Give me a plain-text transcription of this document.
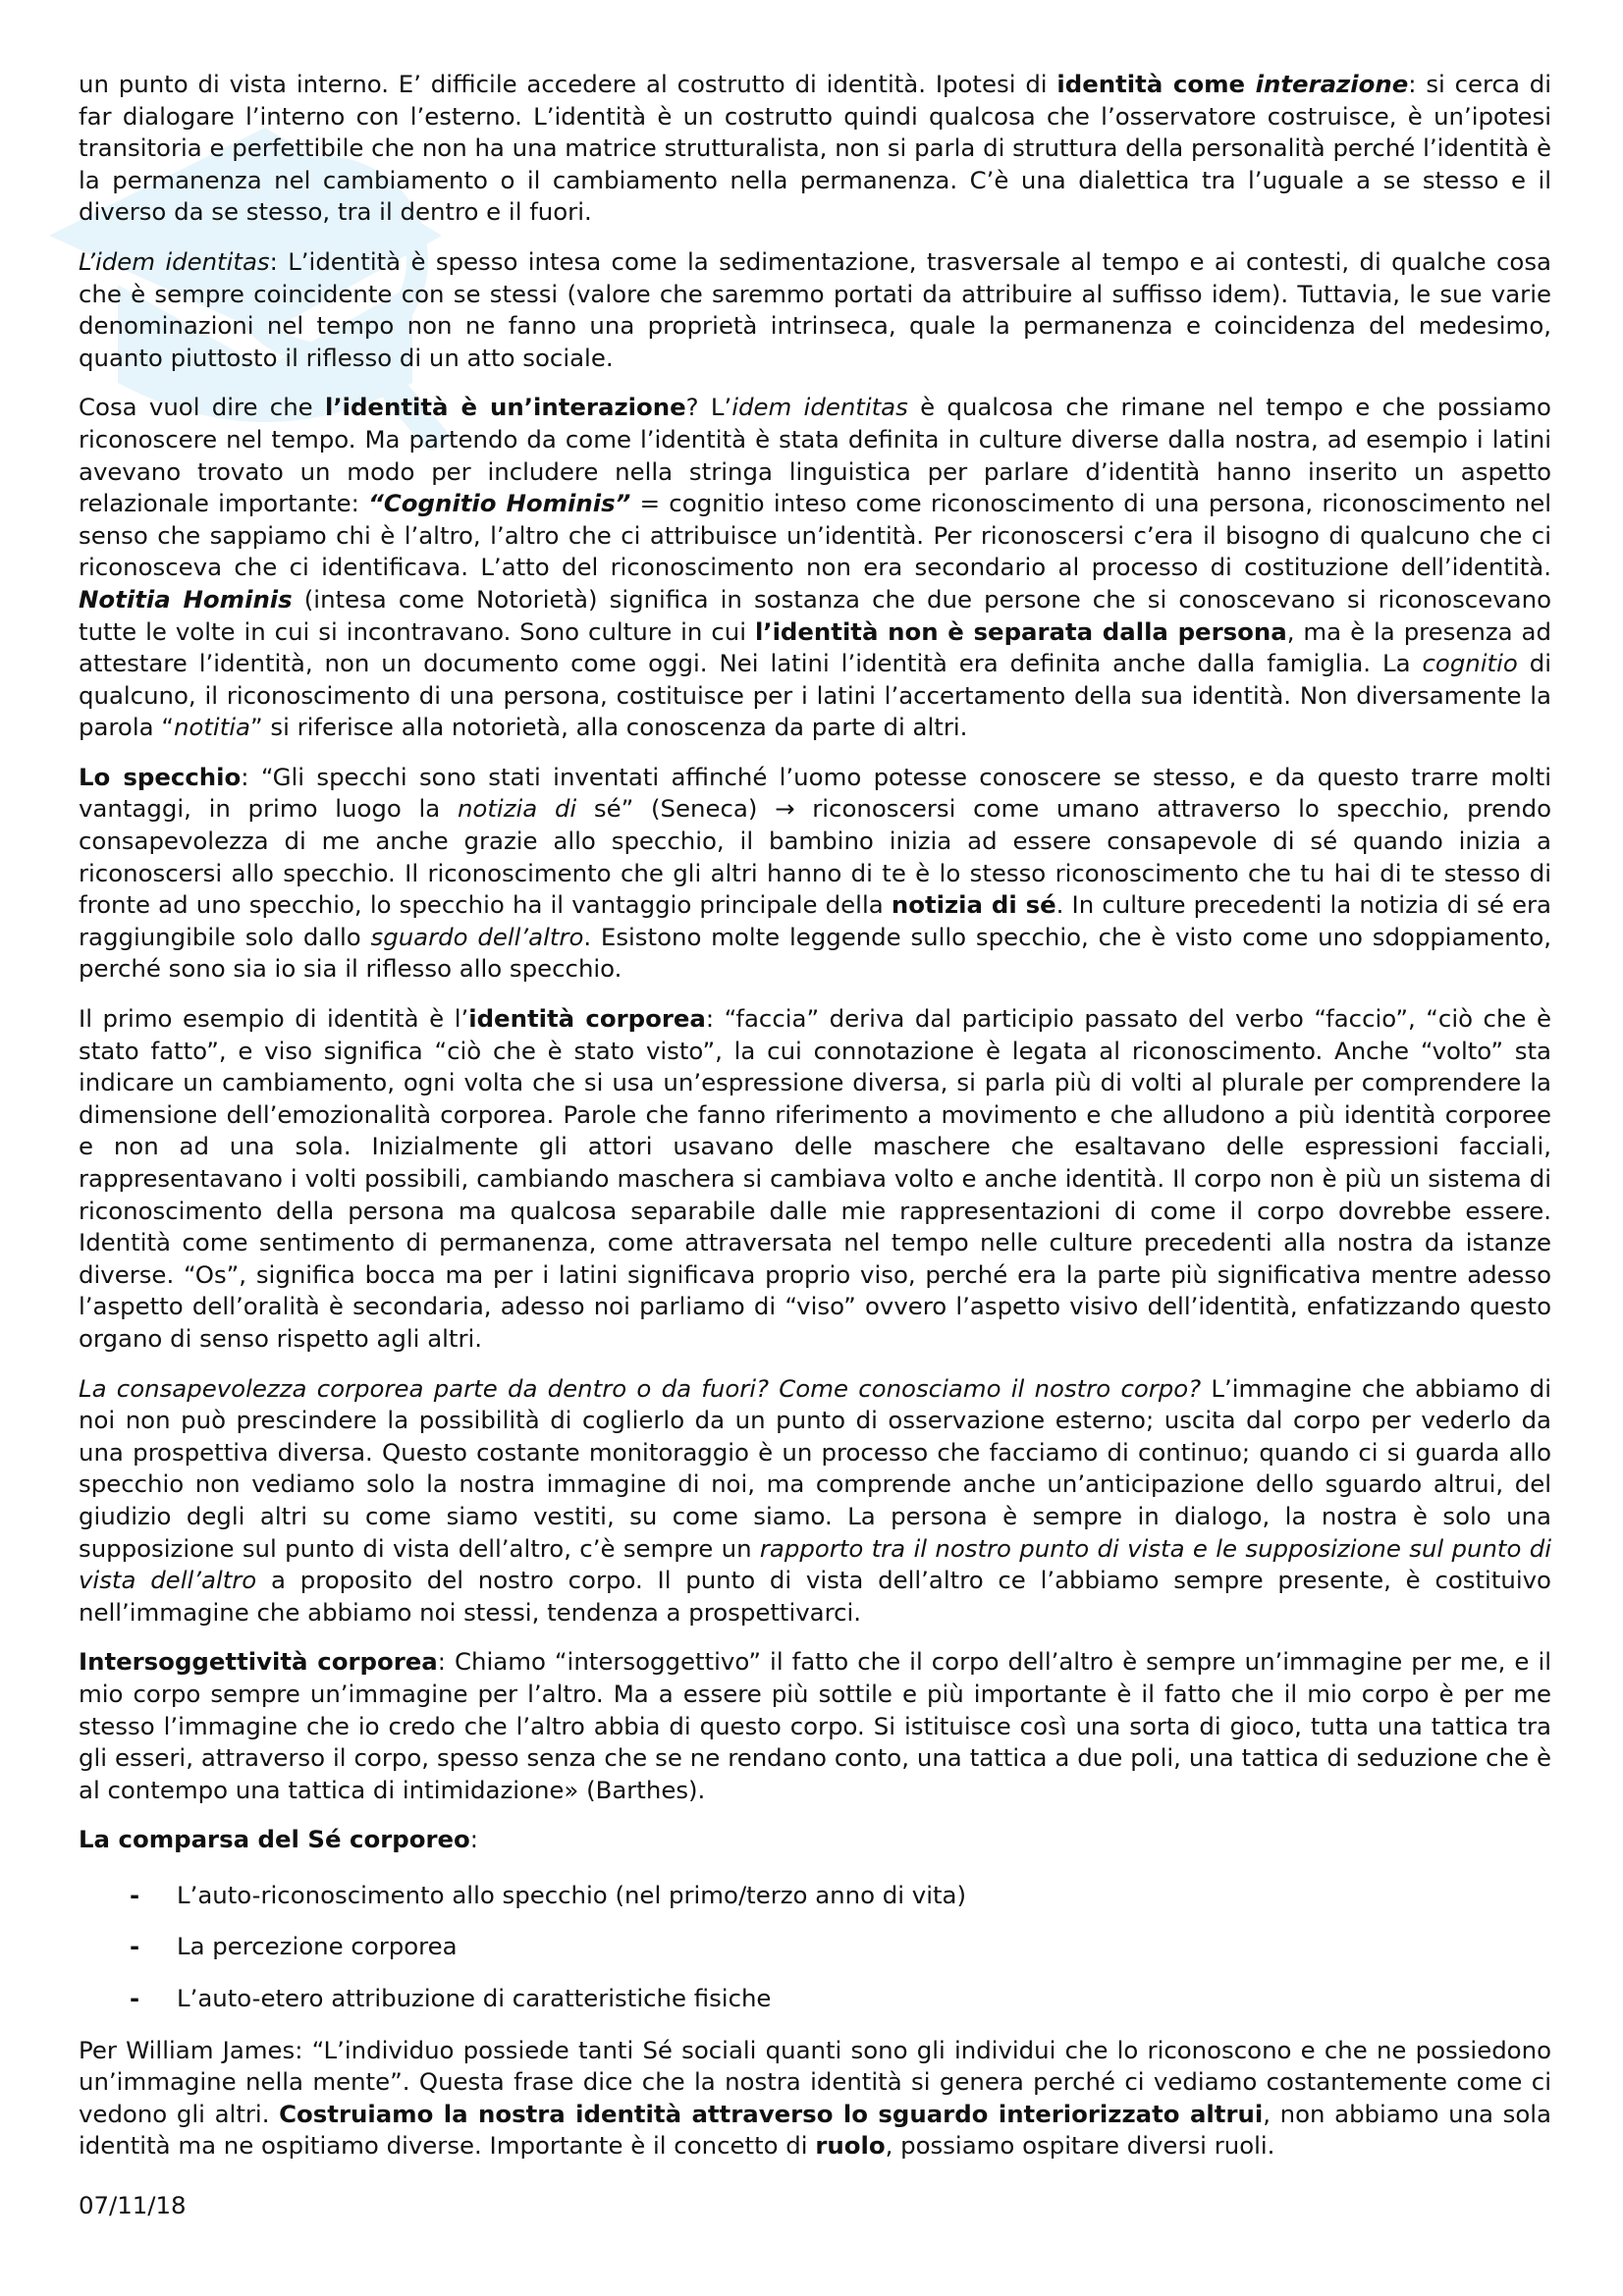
un punto di vista interno. E’ difficile accedere al costrutto di identità. Ipotesi di identità come interazione: si cerca di far dialogare l’interno con l’esterno. L’identità è un costrutto quindi qualcosa che l’osservatore costruisce, è un’ipotesi transitoria e perfettibile che non ha una matrice strutturalista, non si parla di struttura della personalità perché l’identità è la permanenza nel cambiamento o il cambiamento nella permanenza. C’è una dialettica tra l’uguale a se stesso e il diverso da se stesso, tra il dentro e il fuori.

L’idem identitas: L’identità è spesso intesa come la sedimentazione, trasversale al tempo e ai contesti, di qualche cosa che è sempre coincidente con se stessi (valore che saremmo portati da attribuire al suffisso idem). Tuttavia, le sue varie denominazioni nel tempo non ne fanno una proprietà intrinseca, quale la permanenza e coincidenza del medesimo, quanto piuttosto il riflesso di un atto sociale.

Cosa vuol dire che l’identità è un’interazione? L’idem identitas è qualcosa che rimane nel tempo e che possiamo riconoscere nel tempo. Ma partendo da come l’identità è stata definita in culture diverse dalla nostra, ad esempio i latini avevano trovato un modo per includere nella stringa linguistica per parlare d’identità hanno inserito un aspetto relazionale importante: “Cognitio Hominis” = cognitio inteso come riconoscimento di una persona, riconoscimento nel senso che sappiamo chi è l’altro, l’altro che ci attribuisce un’identità. Per riconoscersi c’era il bisogno di qualcuno che ci riconosceva che ci identificava. L’atto del riconoscimento non era secondario al processo di costituzione dell’identità. Notitia Hominis (intesa come Notorietà) significa in sostanza che due persone che si conoscevano si riconoscevano tutte le volte in cui si incontravano. Sono culture in cui l’identità non è separata dalla persona, ma è la presenza ad attestare l’identità, non un documento come oggi. Nei latini l’identità era definita anche dalla famiglia. La cognitio di qualcuno, il riconoscimento di una persona, costituisce per i latini l’accertamento della sua identità. Non diversamente la parola “notitia” si riferisce alla notorietà, alla conoscenza da parte di altri.

Lo specchio: “Gli specchi sono stati inventati affinché l’uomo potesse conoscere se stesso, e da questo trarre molti vantaggi, in primo luogo la notizia di sé” (Seneca) → riconoscersi come umano attraverso lo specchio, prendo consapevolezza di me anche grazie allo specchio, il bambino inizia ad essere consapevole di sé quando inizia a riconoscersi allo specchio. Il riconoscimento che gli altri hanno di te è lo stesso riconoscimento che tu hai di te stesso di fronte ad uno specchio, lo specchio ha il vantaggio principale della notizia di sé. In culture precedenti la notizia di sé era raggiungibile solo dallo sguardo dell’altro. Esistono molte leggende sullo specchio, che è visto come uno sdoppiamento, perché sono sia io sia il riflesso allo specchio.

Il primo esempio di identità è l’identità corporea: “faccia” deriva dal participio passato del verbo “faccio”, “ciò che è stato fatto”, e viso significa “ciò che è stato visto”, la cui connotazione è legata al riconoscimento. Anche “volto” sta indicare un cambiamento, ogni volta che si usa un’espressione diversa, si parla più di volti al plurale per comprendere la dimensione dell’emozionalità corporea. Parole che fanno riferimento a movimento e che alludono a più identità corporee e non ad una sola. Inizialmente gli attori usavano delle maschere che esaltavano delle espressioni facciali, rappresentavano i volti possibili, cambiando maschera si cambiava volto e anche identità. Il corpo non è più un sistema di riconoscimento della persona ma qualcosa separabile dalle mie rappresentazioni di come il corpo dovrebbe essere. Identità come sentimento di permanenza, come attraversata nel tempo nelle culture precedenti alla nostra da istanze diverse. “Os”, significa bocca ma per i latini significava proprio viso, perché era la parte più significativa mentre adesso l’aspetto dell’oralità è secondaria, adesso noi parliamo di “viso” ovvero l’aspetto visivo dell’identità, enfatizzando questo organo di senso rispetto agli altri.

La consapevolezza corporea parte da dentro o da fuori? Come conosciamo il nostro corpo? L’immagine che abbiamo di noi non può prescindere la possibilità di coglierlo da un punto di osservazione esterno; uscita dal corpo per vederlo da una prospettiva diversa. Questo costante monitoraggio è un processo che facciamo di continuo; quando ci si guarda allo specchio non vediamo solo la nostra immagine di noi, ma comprende anche un’anticipazione dello sguardo altrui, del giudizio degli altri su come siamo vestiti, su come siamo. La persona è sempre in dialogo, la nostra è solo una supposizione sul punto di vista dell’altro, c’è sempre un rapporto tra il nostro punto di vista e le supposizione sul punto di vista dell’altro a proposito del nostro corpo. Il punto di vista dell’altro ce l’abbiamo sempre presente, è costituivo nell’immagine che abbiamo noi stessi, tendenza a prospettivarci.

Intersoggettività corporea: Chiamo “intersoggettivo” il fatto che il corpo dell’altro è sempre un’immagine per me, e il mio corpo sempre un’immagine per l’altro. Ma a essere più sottile e più importante è il fatto che il mio corpo è per me stesso l’immagine che io credo che l’altro abbia di questo corpo. Si istituisce così una sorta di gioco, tutta una tattica tra gli esseri, attraverso il corpo, spesso senza che se ne rendano conto, una tattica a due poli, una tattica di seduzione che è al contempo una tattica di intimidazione» (Barthes).

La comparsa del Sé corporeo:

- L’auto-riconoscimento allo specchio (nel primo/terzo anno di vita)
- La percezione corporea
- L’auto-etero attribuzione di caratteristiche fisiche

Per William James: “L’individuo possiede tanti Sé sociali quanti sono gli individui che lo riconoscono e che ne possiedono un’immagine nella mente”. Questa frase dice che la nostra identità si genera perché ci vediamo costantemente come ci vedono gli altri. Costruiamo la nostra identità attraverso lo sguardo interiorizzato altrui, non abbiamo una sola identità ma ne ospitiamo diverse. Importante è il concetto di ruolo, possiamo ospitare diversi ruoli.

07/11/18
